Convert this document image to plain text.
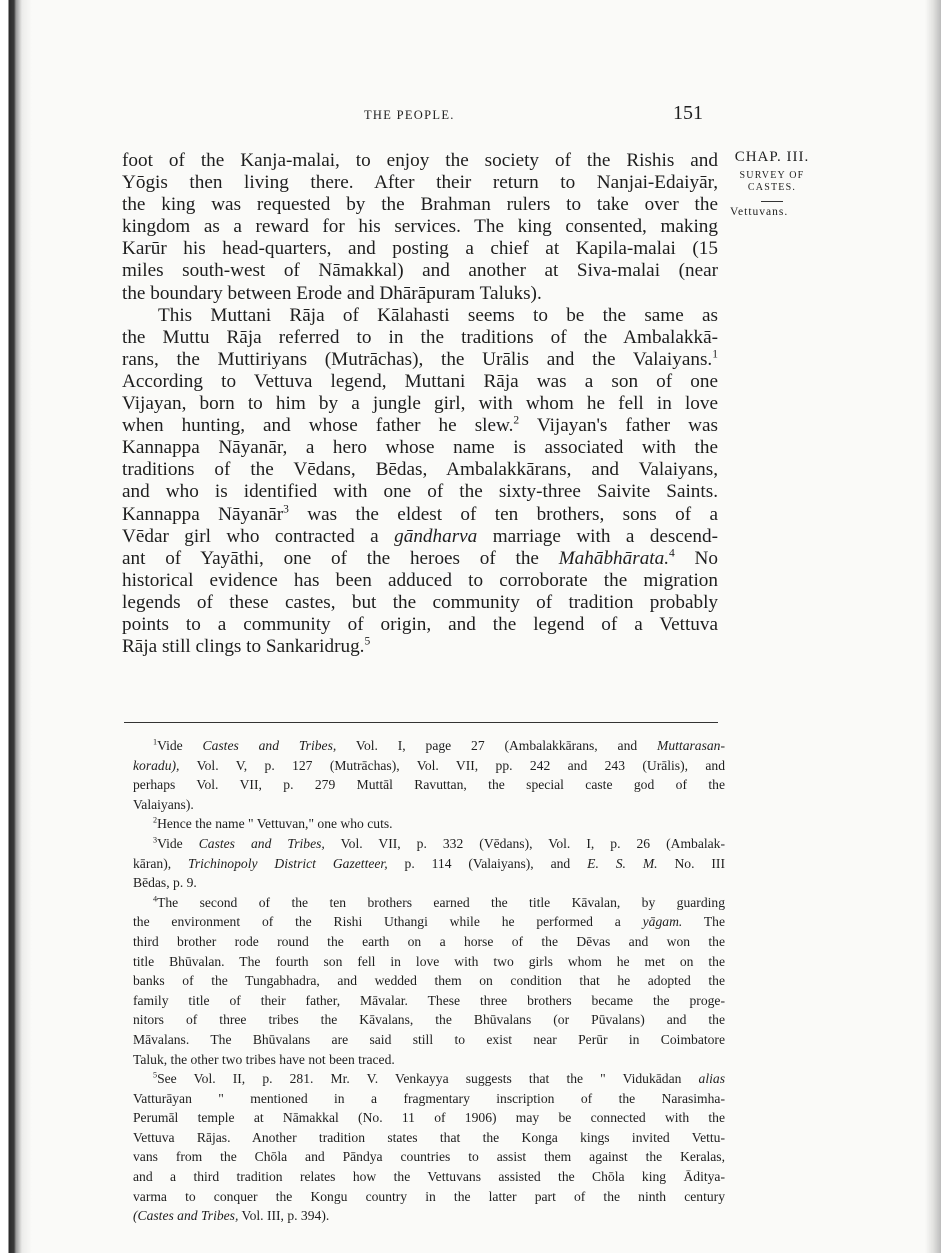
THE PEOPLE.	151
CHAP. III.
SURVEY OF
CASTES.
Vettuvans.
foot of the Kanja-malai, to enjoy the society of the Rishis and
Yōgis then living there. After their return to Nanjai-Edaiyār,
the king was requested by the Brahman rulers to take over the
kingdom as a reward for his services. The king consented, making
Karūr his head-quarters, and posting a chief at Kapila-malai (15
miles south-west of Nāmakkal) and another at Siva-malai (near
the boundary between Erode and Dhārāpuram Taluks).
This Muttani Rāja of Kālahasti seems to be the same as
the Muttu Rāja referred to in the traditions of the Ambalakkā-
rans, the Muttiriyans (Mutrāchas), the Urālis and the Valaiyans.$^1$
According to Vettuva legend, Muttani Rāja was a son of one
Vijayan, born to him by a jungle girl, with whom he fell in love
when hunting, and whose father he slew.$^2$ Vijayan's father was
Kannappa Nāyanār, a hero whose name is associated with the
traditions of the Vēdans, Bēdas, Ambalakkārans, and Valaiyans,
and who is identified with one of the sixty-three Saivite Saints.
Kannappa Nāyanār$^3$ was the eldest of ten brothers, sons of a
Vēdar girl who contracted a gāndharva marriage with a descend-
ant of Yayāthi, one of the heroes of the Mahābhārata.$^4$ No
historical evidence has been adduced to corroborate the migration
legends of these castes, but the community of tradition probably
points to a community of origin, and the legend of a Vettuva
Rāja still clings to Sankaridrug.$^5$
$^1$Vide Castes and Tribes, Vol. I, page 27 (Ambalakkārans, and Muttarasan-
koradu), Vol. V, p. 127 (Mutrāchas), Vol. VII, pp. 242 and 243 (Urālis), and
perhaps Vol. VII, p. 279 Muttāl Ravuttan, the special caste god of the
Valaiyans).
$^2$Hence the name " Vettuvan," one who cuts.
$^3$Vide Castes and Tribes, Vol. VII, p. 332 (Vēdans), Vol. I, p. 26 (Ambalak-
kāran), Trichinopoly District Gazetteer, p. 114 (Valaiyans), and E. S. M. No. III
Bēdas, p. 9.
$^4$The second of the ten brothers earned the title Kāvalan, by guarding
the environment of the Rishi Uthangi while he performed a yāgam. The
third brother rode round the earth on a horse of the Dēvas and won the
title Bhūvalan. The fourth son fell in love with two girls whom he met on the
banks of the Tungabhadra, and wedded them on condition that he adopted the
family title of their father, Māvalar. These three brothers became the proge-
nitors of three tribes the Kāvalans, the Bhūvalans (or Pūvalans) and the
Māvalans. The Bhūvalans are said still to exist near Perūr in Coimbatore
Taluk, the other two tribes have not been traced.
$^5$See Vol. II, p. 281. Mr. V. Venkayya suggests that the " Vidukādan alias
Vatturāyan " mentioned in a fragmentary inscription of the Narasimha-
Perumāl temple at Nāmakkal (No. 11 of 1906) may be connected with the
Vettuva Rājas. Another tradition states that the Konga kings invited Vettu-
vans from the Chōla and Pāndya countries to assist them against the Keralas,
and a third tradition relates how the Vettuvans assisted the Chōla king Āditya-
varma to conquer the Kongu country in the latter part of the ninth century
(Castes and Tribes, Vol. III, p. 394).
